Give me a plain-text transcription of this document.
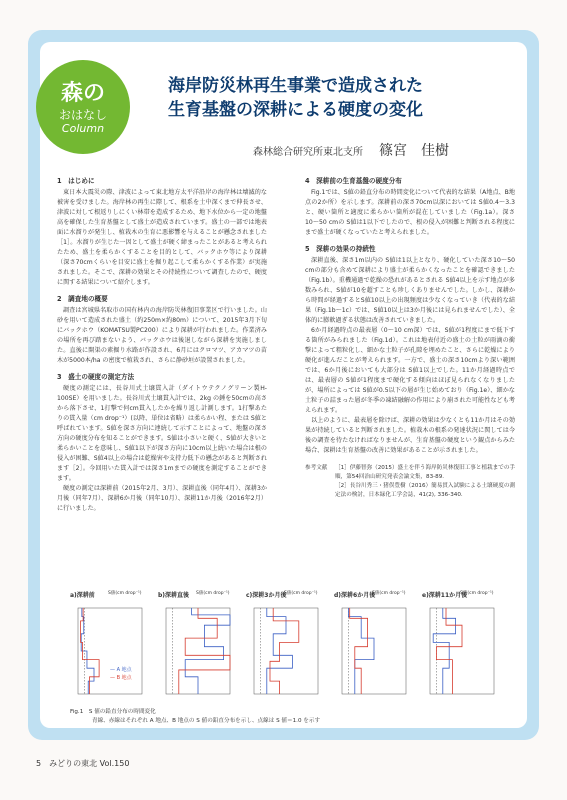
森の
おはなし
Column
海岸防災林再生事業で造成された
生育基盤の深耕による硬度の変化
森林総合研究所東北支所 篠宮　佳樹
1　はじめに
東日本大震災の際、津波によって東北地方太平洋沿岸の海岸林は壊滅的な被害を受けました。海岸林の再生に際して、根系を土中深くまで伸長させ、津波に対して根返りしにくい林帯を造成するため、地下水位から一定の地盤高を確保した生育基盤として盛土が造成されています。盛土の一部では地表面に水溜りが発生し、植栽木の生育に悪影響を与えることが懸念されました［1］。水溜りが生じた一因として盛土が硬く締まったことがあると考えられたため、盛土を柔らかくすることを目的として、バックホウ等により深耕（深さ70cmくらいを目安に盛土を掘り起こして柔らかくする作業）が実施されました。そこで、深耕の効果とその持続性について調査したので、硬度に関する結果について紹介します。
2　調査地の概要
調査は宮城県名取市の国有林内の海岸防災林復旧事業区で行いました。山砂を用いて造成された盛土（約250m×約80m）について、2015年3月下旬にバックホウ（KOMATSU製PC200）により深耕が行われました。作業済みの場所を再び踏まないよう、バックホウは後退しながら深耕を実施しました。直後に開渠の素掘り水路が作設され、6月にはクロマツ、アカマツの苗木が5000本/ha の密度で植栽され、さらに静砂垣が設置されました。
3　盛土の硬度の測定方法
硬度の測定には、長谷川式土壌貫入計（ダイトウテクノグリーン製H-100SE）を用いました。長谷川式土壌貫入計では、2kg の錘を50cmの高さから落下させ、1打撃で何cm貫入したかを繰り返し計測します。1打撃あたりの貫入量（cm drop⁻¹）(以降、単位は省略）は柔らかい程、または S値と呼ばれています。S値を深さ方向に連続して示すことによって、地盤の深さ方向の硬度分布を知ることができます。S値は小さいと硬く、S値が大きいと柔らかいことを意味し、S値1以下が深さ方向に10cm以上続いた場合は根の侵入が困難、S値4以上の場合は乾燥害や支持力低下の懸念があると判断されます［2］。今回用いた貫入計では深さ1mまでの硬度を測定することができます。
硬度の測定は深耕前（2015年2月、3月）、深耕直後（同年4月）、深耕3か月後（同年7月）、深耕6か月後（同年10月）、深耕11か月後（2016年2月）に行いました。
4　深耕前の生育基盤の硬度分布
Fig.1では、S値の鉛直分布の時間変化について代表的な結果（A地点、B地点の2か所）を示します。深耕前の深さ70cm以深においては S値0.4〜3.3と、硬い箇所と適度に柔らかい箇所が混在していました（Fig.1a）。深さ10〜50 cmの S値は1以下でしたので、根の侵入が困難と判断される程度にまで盛土が硬くなっていたと考えられました。
5　深耕の効果の持続性
深耕直後、深さ1m以内の S値は1以上となり、硬化していた深さ10〜50 cmの部分も含めて深耕により盛土が柔らかくなったことを確認できました（Fig.1b）。重機通過で乾燥の恐れがあるとされる S値4以上を示す地点が多数みられ、S値が10を超すことも珍しくありませんでした。しかし、深耕から時間が経過するとS値10以上の出現頻度は少なくなっていき（代表的な結果（Fig.1b〜1c）では、S値10以上は3か月後には見られませんでした）、全体的に膨軟過ぎる状態は改善されていきました。
6か月経過時点の最表層（0〜10 cm深）では、S値が1程度にまで低下する箇所がみられました（Fig.1d）。これは地表付近の盛土の土粒が雨滴の衝撃によって粗粒化し、細かな土粒子が孔隙を埋めたこと、さらに乾燥により硬化が進んだことが考えられます。一方で、盛土の深さ10cmより深い範囲では、6か月後においても大部分は S値1以上でした。11か月経過時点では、最表層の S値が1程度まで硬化する傾向はほぼ見られなくなりましたが、場所によっては S値が0.5以下の層が生じ始めており（Fig.1e）、細かな土粒子の詰まった層が冬季の凍結融解の作用により崩された可能性なども考えられます。
以上のように、最表層を除けば、深耕の効果は少なくとも11か月はその効果が持続していると判断されました。植栽木の根系の発達状況に関しては今後の調査を待たなければなりませんが、生育基盤の硬度という観点からみた場合、深耕は生育基盤の改善に効果があることが示されました。
参考文献	［1］伊藤智弥（2015）盛土を伴う海岸防災林復旧工事と植栽までの手順，第54回治山研究発表会論文集，83-89.
［2］長谷川秀三・猪俣豊樹（2016）簡易貫入試験による土壌硬度の測定法の検討，日本緑化工学会誌，41(2), 336-340.
a)深耕前	S値(cm drop⁻¹)
— A 地点
— B 地点
b)深耕直後 S値(cm drop⁻¹)	c)深耕3か月後
S値(cm drop⁻¹)	d)深耕6か月後
S値(cm drop⁻¹)	e)深耕11か月後
S値(cm drop⁻¹)
Fig.1　 S 値の鉛直分布の時間変化
青線、赤線はそれぞれ A 地点、B 地点の S 値の鉛直分布を示し、点線は S 値＝1.0 を示す
5　 みどりの東北 Vol.150
